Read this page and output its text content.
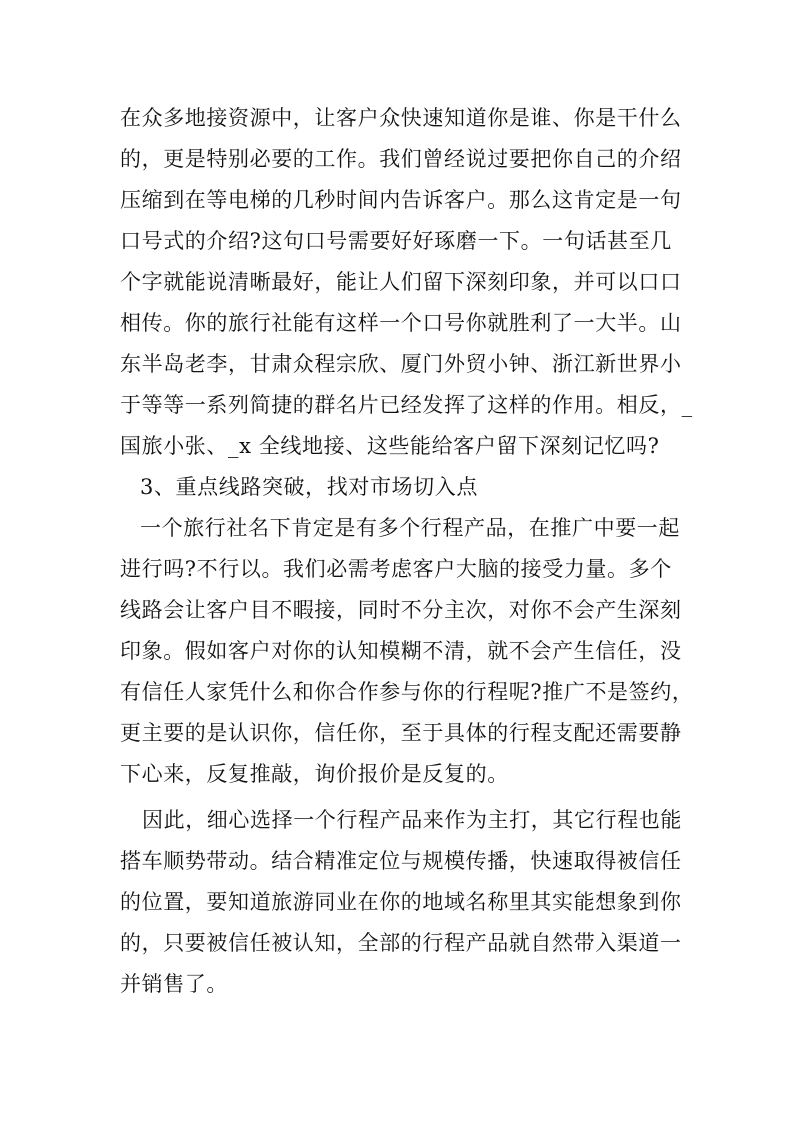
在众多地接资源中，让客户众快速知道你是谁、你是干什么
的，更是特别必要的工作。我们曾经说过要把你自己的介绍
压缩到在等电梯的几秒时间内告诉客户。那么这肯定是一句
口号式的介绍?这句口号需要好好琢磨一下。一句话甚至几
个字就能说清晰最好，能让人们留下深刻印象，并可以口口
相传。你的旅行社能有这样一个口号你就胜利了一大半。山
东半岛老李，甘肃众程宗欣、厦门外贸小钟、浙江新世界小
于等等一系列简捷的群名片已经发挥了这样的作用。相反，_
国旅小张、_x 全线地接、这些能给客户留下深刻记忆吗?
3、重点线路突破，找对市场切入点
一个旅行社名下肯定是有多个行程产品，在推广中要一起
进行吗?不行以。我们必需考虑客户大脑的接受力量。多个
线路会让客户目不暇接，同时不分主次，对你不会产生深刻
印象。假如客户对你的认知模糊不清，就不会产生信任，没
有信任人家凭什么和你合作参与你的行程呢?推广不是签约，
更主要的是认识你，信任你，至于具体的行程支配还需要静
下心来，反复推敲，询价报价是反复的。
因此，细心选择一个行程产品来作为主打，其它行程也能
搭车顺势带动。结合精准定位与规模传播，快速取得被信任
的位置，要知道旅游同业在你的地域名称里其实能想象到你
的，只要被信任被认知，全部的行程产品就自然带入渠道一
并销售了。
